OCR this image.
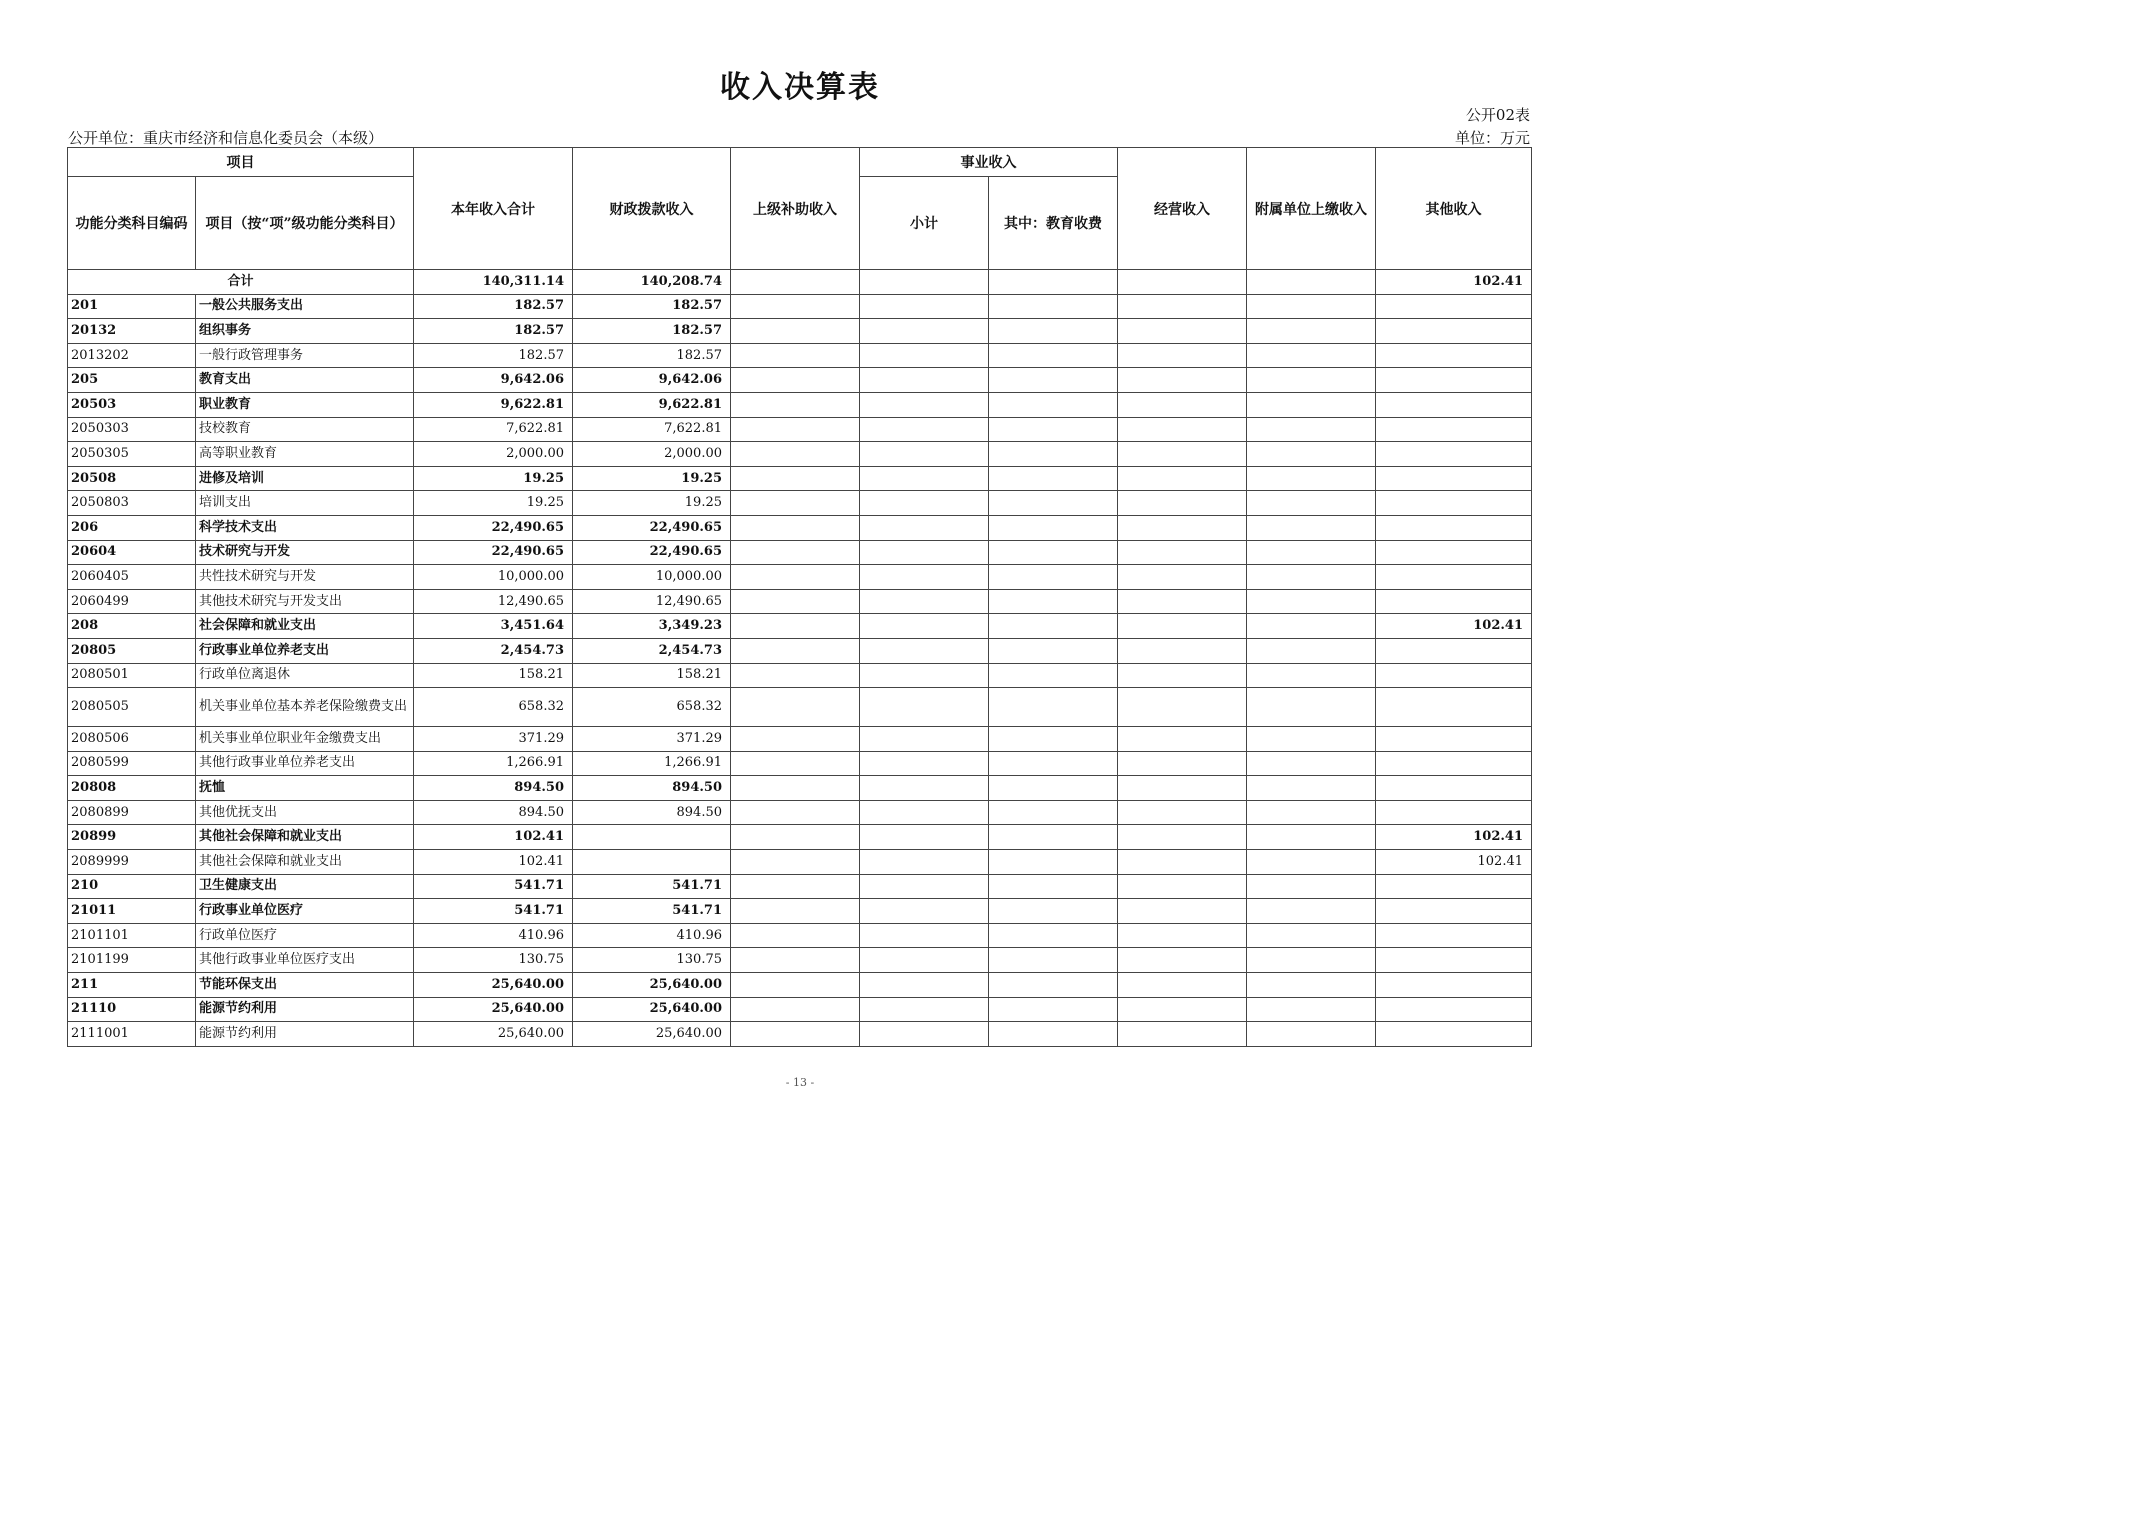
收入决算表
公开02表
公开单位：重庆市经济和信息化委员会（本级）	单位：万元
项目		本年收入合计	财政拨款收入	上级补助收入	事业收入		经营收入	附属单位上缴收入	其他收入
功能分类科目编码	项目（按“项”级功能分类科目）				小计	其中：教育收费			
合计		140,311.14	140,208.74						102.41
201	一般公共服务支出	182.57	182.57						
20132	组织事务	182.57	182.57						
2013202	一般行政管理事务	182.57	182.57						
205	教育支出	9,642.06	9,642.06						
20503	职业教育	9,622.81	9,622.81						
2050303	技校教育	7,622.81	7,622.81						
2050305	高等职业教育	2,000.00	2,000.00						
20508	进修及培训	19.25	19.25						
2050803	培训支出	19.25	19.25						
206	科学技术支出	22,490.65	22,490.65						
20604	技术研究与开发	22,490.65	22,490.65						
2060405	共性技术研究与开发	10,000.00	10,000.00						
2060499	其他技术研究与开发支出	12,490.65	12,490.65						
208	社会保障和就业支出	3,451.64	3,349.23						102.41
20805	行政事业单位养老支出	2,454.73	2,454.73						
2080501	行政单位离退休	158.21	158.21						
2080505	机关事业单位基本养老保险缴费支出	658.32	658.32						
2080506	机关事业单位职业年金缴费支出	371.29	371.29						
2080599	其他行政事业单位养老支出	1,266.91	1,266.91						
20808	抚恤	894.50	894.50						
2080899	其他优抚支出	894.50	894.50						
20899	其他社会保障和就业支出	102.41							102.41
2089999	其他社会保障和就业支出	102.41							102.41
210	卫生健康支出	541.71	541.71						
21011	行政事业单位医疗	541.71	541.71						
2101101	行政单位医疗	410.96	410.96						
2101199	其他行政事业单位医疗支出	130.75	130.75						
211	节能环保支出	25,640.00	25,640.00						
21110	能源节约利用	25,640.00	25,640.00						
2111001	能源节约利用	25,640.00	25,640.00						
- 13 -
